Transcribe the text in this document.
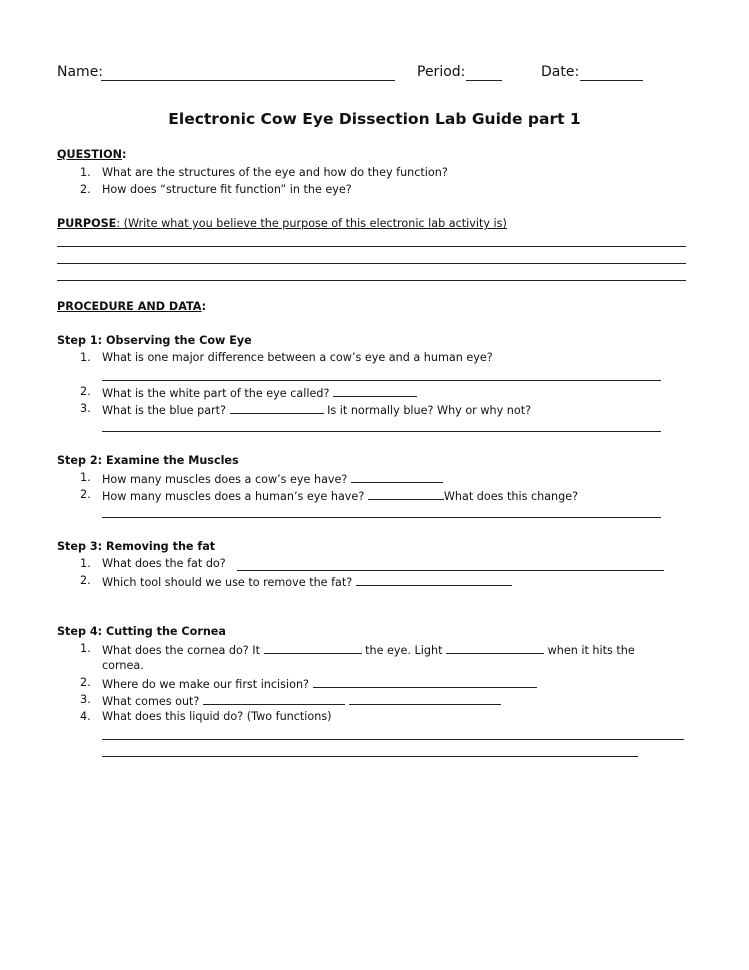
Name:	Period:	Date:
Electronic Cow Eye Dissection Lab Guide part 1
QUESTION:
1. What are the structures of the eye and how do they function?
2. How does “structure fit function” in the eye?
PURPOSE: (Write what you believe the purpose of this electronic lab activity is)
PROCEDURE AND DATA:
Step 1: Observing the Cow Eye
1. What is one major difference between a cow’s eye and a human eye?
2. What is the white part of the eye called?
3. What is the blue part?	Is it normally blue? Why or why not?
Step 2: Examine the Muscles
1. How many muscles does a cow’s eye have?
2. How many muscles does a human’s eye have?	What does this change?
Step 3: Removing the fat
1. What does the fat do?
2. Which tool should we use to remove the fat?
Step 4: Cutting the Cornea
1. What does the cornea do? It	the eye. Light	when it hits the
cornea.
2. Where do we make our first incision?
3. What comes out?
4. What does this liquid do? (Two functions)
